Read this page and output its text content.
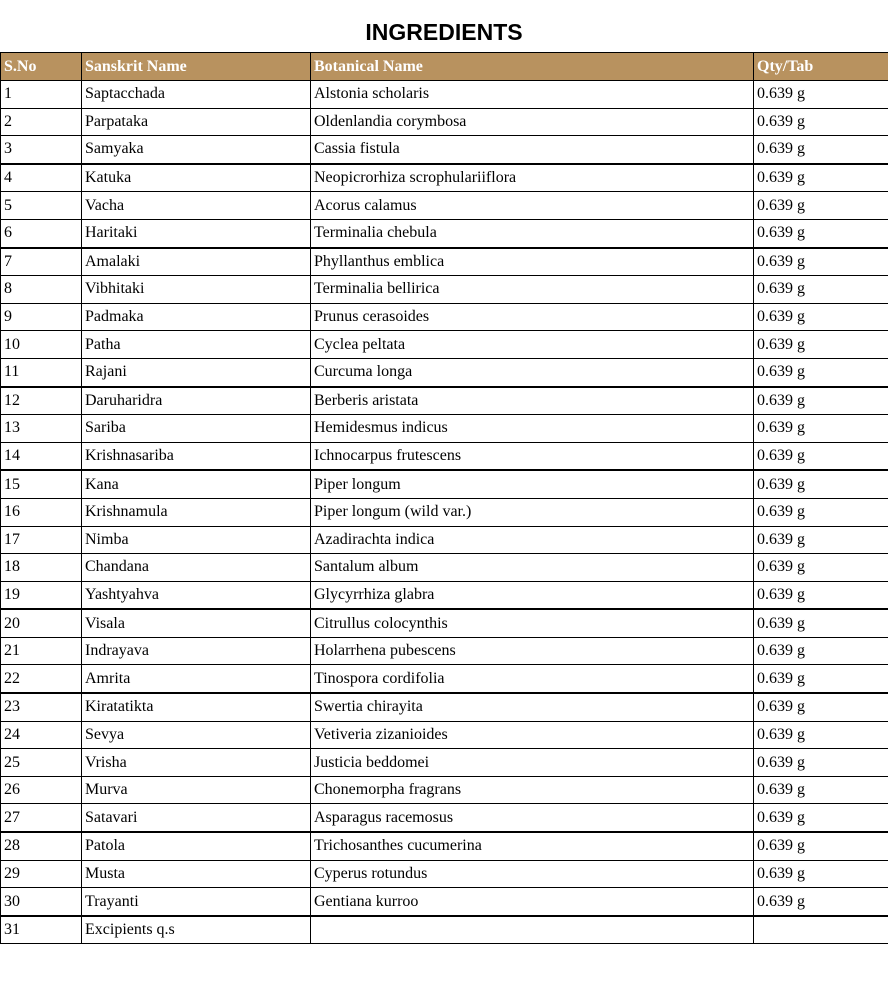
INGREDIENTS
S.No	Sanskrit Name	Botanical Name	Qty/Tab
1	Saptacchada	Alstonia scholaris	0.639 g
2	Parpataka	Oldenlandia corymbosa	0.639 g
3	Samyaka	Cassia fistula	0.639 g
4	Katuka	Neopicrorhiza scrophulariiflora	0.639 g
5	Vacha	Acorus calamus	0.639 g
6	Haritaki	Terminalia chebula	0.639 g
7	Amalaki	Phyllanthus emblica	0.639 g
8	Vibhitaki	Terminalia bellirica	0.639 g
9	Padmaka	Prunus cerasoides	0.639 g
10	Patha	Cyclea peltata	0.639 g
11	Rajani	Curcuma longa	0.639 g
12	Daruharidra	Berberis aristata	0.639 g
13	Sariba	Hemidesmus indicus	0.639 g
14	Krishnasariba	Ichnocarpus frutescens	0.639 g
15	Kana	Piper longum	0.639 g
16	Krishnamula	Piper longum (wild var.)	0.639 g
17	Nimba	Azadirachta indica	0.639 g
18	Chandana	Santalum album	0.639 g
19	Yashtyahva	Glycyrrhiza glabra	0.639 g
20	Visala	Citrullus colocynthis	0.639 g
21	Indrayava	Holarrhena pubescens	0.639 g
22	Amrita	Tinospora cordifolia	0.639 g
23	Kiratatikta	Swertia chirayita	0.639 g
24	Sevya	Vetiveria zizanioides	0.639 g
25	Vrisha	Justicia beddomei	0.639 g
26	Murva	Chonemorpha fragrans	0.639 g
27	Satavari	Asparagus racemosus	0.639 g
28	Patola	Trichosanthes cucumerina	0.639 g
29	Musta	Cyperus rotundus	0.639 g
30	Trayanti	Gentiana kurroo	0.639 g
31	Excipients q.s		
